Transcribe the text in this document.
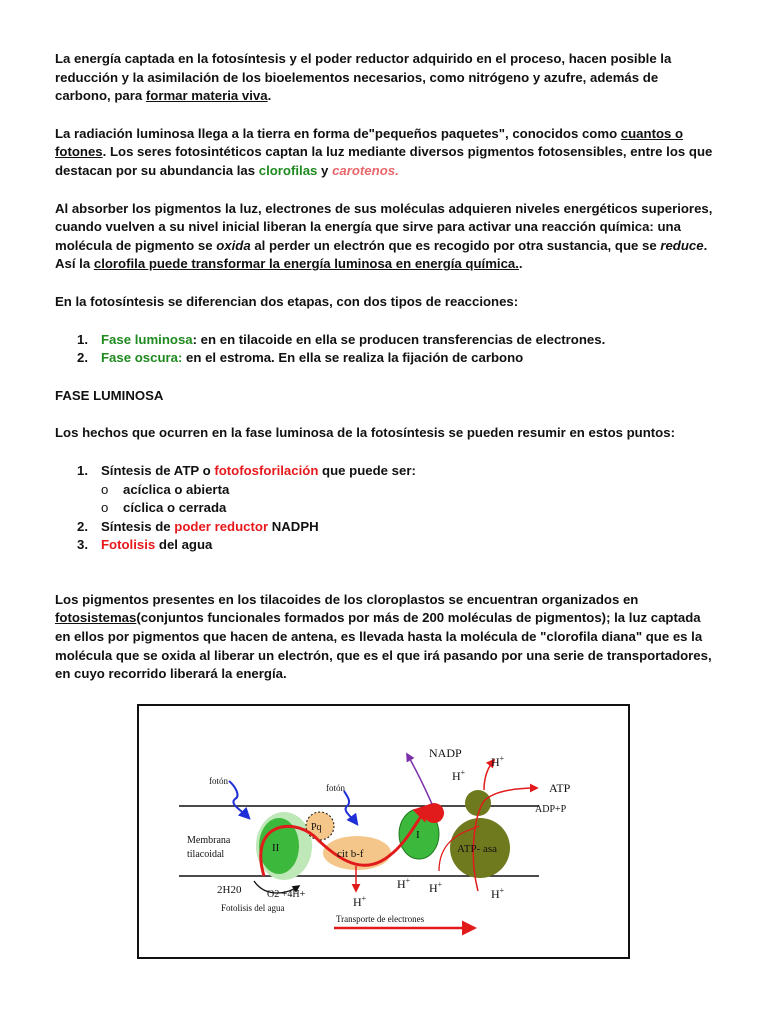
La energía captada en la fotosíntesis y el poder reductor adquirido en el proceso, hacen posible la reducción y la asimilación de los bioelementos necesarios, como nitrógeno y azufre, además de carbono, para formar materia viva.

La radiación luminosa llega a la tierra en forma de"pequeños paquetes", conocidos como cuantos o fotones. Los seres fotosintéticos captan la luz mediante diversos pigmentos fotosensibles, entre los que destacan por su abundancia las clorofilas y carotenos.

Al absorber los pigmentos la luz, electrones de sus moléculas adquieren niveles energéticos superiores, cuando vuelven a su nivel inicial liberan la energía que sirve para activar una reacción química: una molécula de pigmento se oxida al perder un electrón que es recogido por otra sustancia, que se reduce. Así la clorofila puede transformar la energía luminosa en energía química..

En la fotosíntesis se diferencian dos etapas, con dos tipos de reacciones:

1. Fase luminosa: en en tilacoide en ella se producen transferencias de electrones.
2. Fase oscura: en el estroma. En ella se realiza la fijación de carbono

FASE LUMINOSA

Los hechos que ocurren en la fase luminosa de la fotosíntesis se pueden resumir en estos puntos:

1. Síntesis de ATP o fotofosforilación que puede ser:
o acíclica o abierta
o cíclica o cerrada
2. Síntesis de poder reductor NADPH
3. Fotolisis del agua

Los pigmentos presentes en los tilacoides de los cloroplastos se encuentran organizados en fotosistemas(conjuntos funcionales formados por más de 200 moléculas de pigmentos); la luz captada en ellos por pigmentos que hacen de antena, es llevada hasta la molécula de "clorofila diana" que es la molécula que se oxida al liberar un electrón, que es el que irá pasando por una serie de transportadores, en cuyo recorrido liberará la energía.

NADP
H+
H+
ATP
ADP+P
fotón
fotón
Membrana
tilacoidal
II
Pq
cit b-f
I
ATP- asa
H+
H+
H+
H+
2H20	O2 +4H+
Fotolisis del agua
Transporte de electrones
